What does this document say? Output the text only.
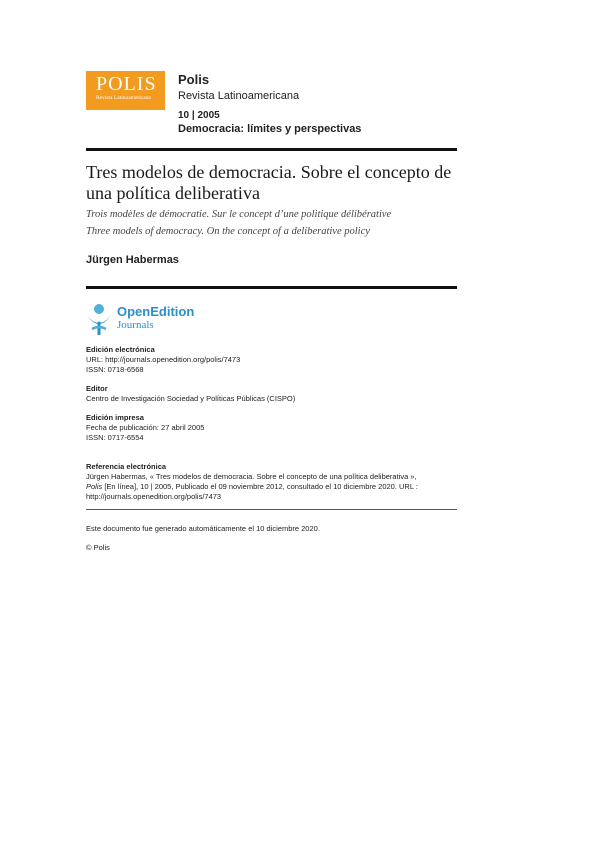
POLIS
Revista Latinoamericana
Polis
Revista Latinoamericana
10 | 2005
Democracia: límites y perspectivas
Tres modelos de democracia. Sobre el concepto de una política deliberativa
Trois modèles de démocratie. Sur le concept d’une politique délibérative
Three models of democracy. On the concept of a deliberative policy
Jürgen Habermas
OpenEdition
Journals
Edición electrónica
URL: http://journals.openedition.org/polis/7473
ISSN: 0718-6568
Editor
Centro de Investigación Sociedad y Políticas Públicas (CISPO)
Edición impresa
Fecha de publicación: 27 abril 2005
ISSN: 0717-6554
Referencia electrónica
Jürgen Habermas, « Tres modelos de democracia. Sobre el concepto de una política deliberativa »,
Polis [En línea], 10 | 2005, Publicado el 09 noviembre 2012, consultado el 10 diciembre 2020. URL :
http://journals.openedition.org/polis/7473
Este documento fue generado automáticamente el 10 diciembre 2020.
© Polis
